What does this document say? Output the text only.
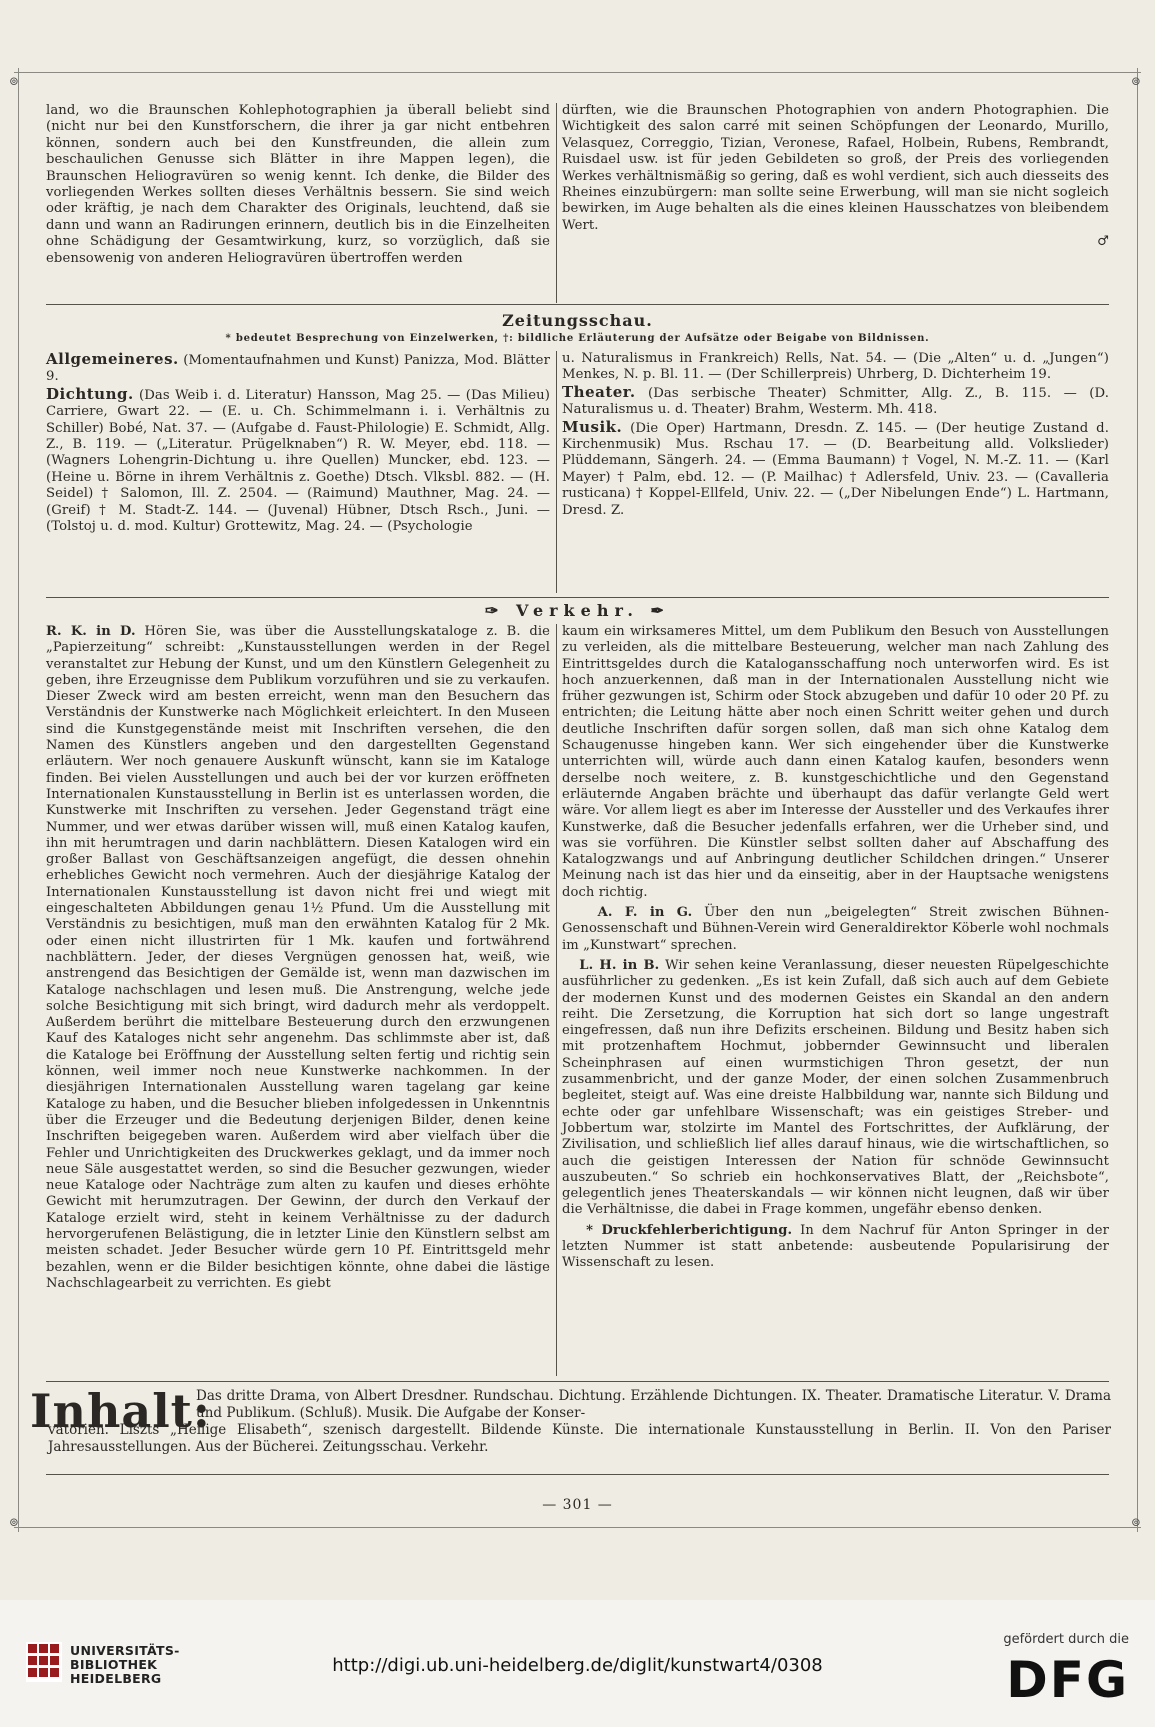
⊚	⊚
⊚	⊚

land, wo die Braunschen Kohlephotographien ja überall beliebt sind (nicht nur bei den Kunstforschern, die ihrer ja gar nicht entbehren können, sondern auch bei den Kunstfreunden, die allein zum beschaulichen Genusse sich Blätter in ihre Mappen legen), die Braunschen Heliogravüren so wenig kennt. Ich denke, die Bilder des vorliegenden Werkes sollten dieses Verhältnis bessern. Sie sind weich oder kräftig, je nach dem Charakter des Originals, leuchtend, daß sie dann und wann an Radirungen erinnern, deutlich bis in die Einzelheiten ohne Schädigung der Gesamtwirkung, kurz, so vorzüglich, daß sie ebensowenig von anderen Heliogravüren übertroffen werden

dürften, wie die Braunschen Photographien von andern Photographien. Die Wichtigkeit des salon carré mit seinen Schöpfungen der Leonardo, Murillo, Velasquez, Correggio, Tizian, Veronese, Rafael, Holbein, Rubens, Rembrandt, Ruisdael usw. ist für jeden Gebildeten so groß, der Preis des vorliegenden Werkes verhältnismäßig so gering, daß es wohl verdient, sich auch diesseits des Rheines einzubürgern: man sollte seine Erwerbung, will man sie nicht sogleich bewirken, im Auge behalten als die eines kleinen Hausschatzes von bleibendem Wert.

♂
Zeitungsschau.
* bedeutet Besprechung von Einzelwerken, †: bildliche Erläuterung der Aufsätze oder Beigabe von Bildnissen.

Allgemeineres. (Momentaufnahmen und Kunst) Panizza, Mod. Blätter 9.

Dichtung. (Das Weib i. d. Literatur) Hansson, Mag 25. — (Das Milieu) Carriere, Gwart 22. — (E. u. Ch. Schimmelmann i. i. Verhältnis zu Schiller) Bobé, Nat. 37. — (Aufgabe d. Faust-Philologie) E. Schmidt, Allg. Z., B. 119. — („Literatur. Prügelknaben“) R. W. Meyer, ebd. 118. — (Wagners Lohengrin-Dichtung u. ihre Quellen) Muncker, ebd. 123. — (Heine u. Börne in ihrem Verhältnis z. Goethe) Dtsch. Vlksbl. 882. — (H. Seidel) † Salomon, Ill. Z. 2504. — (Raimund) Mauthner, Mag. 24. — (Greif) † M. Stadt-Z. 144. — (Juvenal) Hübner, Dtsch Rsch., Juni. — (Tolstoj u. d. mod. Kultur) Grottewitz, Mag. 24. — (Psychologie

u. Naturalismus in Frankreich) Rells, Nat. 54. — (Die „Alten“ u. d. „Jungen“) Menkes, N. p. Bl. 11. — (Der Schillerpreis) Uhrberg, D. Dichterheim 19.

Theater. (Das serbische Theater) Schmitter, Allg. Z., B. 115. — (D. Naturalismus u. d. Theater) Brahm, Westerm. Mh. 418.

Musik. (Die Oper) Hartmann, Dresdn. Z. 145. — (Der heutige Zustand d. Kirchenmusik) Mus. Rschau 17. — (D. Bearbeitung alld. Volkslieder) Plüddemann, Sängerh. 24. — (Emma Baumann) † Vogel, N. M.-Z. 11. — (Karl Mayer) † Palm, ebd. 12. — (P. Mailhac) † Adlersfeld, Univ. 23. — (Cavalleria rusticana) † Koppel-Ellfeld, Univ. 22. — („Der Nibelungen Ende“) L. Hartmann, Dresd. Z.

✑ Verkehr. ✒

R. K. in D. Hören Sie, was über die Ausstellungskataloge z. B. die „Papierzeitung“ schreibt: „Kunstausstellungen werden in der Regel veranstaltet zur Hebung der Kunst, und um den Künstlern Gelegenheit zu geben, ihre Erzeugnisse dem Publikum vorzuführen und sie zu verkaufen. Dieser Zweck wird am besten erreicht, wenn man den Besuchern das Verständnis der Kunstwerke nach Möglichkeit erleichtert. In den Museen sind die Kunstgegenstände meist mit Inschriften versehen, die den Namen des Künstlers angeben und den dargestellten Gegenstand erläutern. Wer noch genauere Auskunft wünscht, kann sie im Kataloge finden. Bei vielen Ausstellungen und auch bei der vor kurzen eröffneten Internationalen Kunstausstellung in Berlin ist es unterlassen worden, die Kunstwerke mit Inschriften zu versehen. Jeder Gegenstand trägt eine Nummer, und wer etwas darüber wissen will, muß einen Katalog kaufen, ihn mit herumtragen und darin nachblättern. Diesen Katalogen wird ein großer Ballast von Geschäftsanzeigen angefügt, die dessen ohnehin erhebliches Gewicht noch vermehren. Auch der diesjährige Katalog der Internationalen Kunstausstellung ist davon nicht frei und wiegt mit eingeschalteten Abbildungen genau 1½ Pfund. Um die Ausstellung mit Verständnis zu besichtigen, muß man den erwähnten Katalog für 2 Mk. oder einen nicht illustrirten für 1 Mk. kaufen und fortwährend nachblättern. Jeder, der dieses Vergnügen genossen hat, weiß, wie anstrengend das Besichtigen der Gemälde ist, wenn man dazwischen im Kataloge nachschlagen und lesen muß. Die Anstrengung, welche jede solche Besichtigung mit sich bringt, wird dadurch mehr als verdoppelt. Außerdem berührt die mittelbare Besteuerung durch den erzwungenen Kauf des Kataloges nicht sehr angenehm. Das schlimmste aber ist, daß die Kataloge bei Eröffnung der Ausstellung selten fertig und richtig sein können, weil immer noch neue Kunstwerke nachkommen. In der diesjährigen Internationalen Ausstellung waren tagelang gar keine Kataloge zu haben, und die Besucher blieben infolgedessen in Unkenntnis über die Erzeuger und die Bedeutung derjenigen Bilder, denen keine Inschriften beigegeben waren. Außerdem wird aber vielfach über die Fehler und Unrichtigkeiten des Druckwerkes geklagt, und da immer noch neue Säle ausgestattet werden, so sind die Besucher gezwungen, wieder neue Kataloge oder Nachträge zum alten zu kaufen und dieses erhöhte Gewicht mit herumzutragen. Der Gewinn, der durch den Verkauf der Kataloge erzielt wird, steht in keinem Verhältnisse zu der dadurch hervorgerufenen Belästigung, die in letzter Linie den Künstlern selbst am meisten schadet. Jeder Besucher würde gern 10 Pf. Eintrittsgeld mehr bezahlen, wenn er die Bilder besichtigen könnte, ohne dabei die lästige Nachschlagearbeit zu verrichten. Es giebt

kaum ein wirksameres Mittel, um dem Publikum den Besuch von Ausstellungen zu verleiden, als die mittelbare Besteuerung, welcher man nach Zahlung des Eintrittsgeldes durch die Katalogansschaffung noch unterworfen wird. Es ist hoch anzuerkennen, daß man in der Internationalen Ausstellung nicht wie früher gezwungen ist, Schirm oder Stock abzugeben und dafür 10 oder 20 Pf. zu entrichten; die Leitung hätte aber noch einen Schritt weiter gehen und durch deutliche Inschriften dafür sorgen sollen, daß man sich ohne Katalog dem Schaugenusse hingeben kann. Wer sich eingehender über die Kunstwerke unterrichten will, würde auch dann einen Katalog kaufen, besonders wenn derselbe noch weitere, z. B. kunstgeschichtliche und den Gegenstand erläuternde Angaben brächte und überhaupt das dafür verlangte Geld wert wäre. Vor allem liegt es aber im Interesse der Aussteller und des Verkaufes ihrer Kunstwerke, daß die Besucher jedenfalls erfahren, wer die Urheber sind, und was sie vorführen. Die Künstler selbst sollten daher auf Abschaffung des Katalogzwangs und auf Anbringung deutlicher Schildchen dringen.“ Unserer Meinung nach ist das hier und da einseitig, aber in der Hauptsache wenigstens doch richtig.

A. F. in G. Über den nun „beigelegten“ Streit zwischen Bühnen-Genossenschaft und Bühnen-Verein wird Generaldirektor Köberle wohl nochmals im „Kunstwart“ sprechen.

L. H. in B. Wir sehen keine Veranlassung, dieser neuesten Rüpelgeschichte ausführlicher zu gedenken. „Es ist kein Zufall, daß sich auch auf dem Gebiete der modernen Kunst und des modernen Geistes ein Skandal an den andern reiht. Die Zersetzung, die Korruption hat sich dort so lange ungestraft eingefressen, daß nun ihre Defizits erscheinen. Bildung und Besitz haben sich mit protzenhaftem Hochmut, jobbernder Gewinnsucht und liberalen Scheinphrasen auf einen wurmstichigen Thron gesetzt, der nun zusammenbricht, und der ganze Moder, der einen solchen Zusammenbruch begleitet, steigt auf. Was eine dreiste Halbbildung war, nannte sich Bildung und echte oder gar unfehlbare Wissenschaft; was ein geistiges Streber- und Jobbertum war, stolzirte im Mantel des Fortschrittes, der Aufklärung, der Zivilisation, und schließlich lief alles darauf hinaus, wie die wirtschaftlichen, so auch die geistigen Interessen der Nation für schnöde Gewinnsucht auszubeuten.“ So schrieb ein hochkonservatives Blatt, der „Reichsbote“, gelegentlich jenes Theaterskandals — wir können nicht leugnen, daß wir über die Verhältnisse, die dabei in Frage kommen, ungefähr ebenso denken.

* Druckfehlerberichtigung. In dem Nachruf für Anton Springer in der letzten Nummer ist statt anbetende: ausbeutende Popularisirung der Wissenschaft zu lesen.

Inhalt:
Das dritte Drama, von Albert Dresdner. Rundschau. Dichtung. Erzählende Dichtungen. IX. Theater. Dramatische Literatur. V. Drama und Publikum. (Schluß). Musik. Die Aufgabe der Konser-
vatorien. Liszts „Heilige Elisabeth“, szenisch dargestellt. Bildende Künste. Die internationale Kunstausstellung in Berlin. II. Von den Pariser Jahresausstellungen. Aus der Bücherei. Zeitungsschau. Verkehr.
— 301 —
UNIVERSITÄTS-
BIBLIOTHEK
HEIDELBERG
http://digi.ub.uni-heidelberg.de/diglit/kunstwart4/0308
gefördert durch die
DFG
